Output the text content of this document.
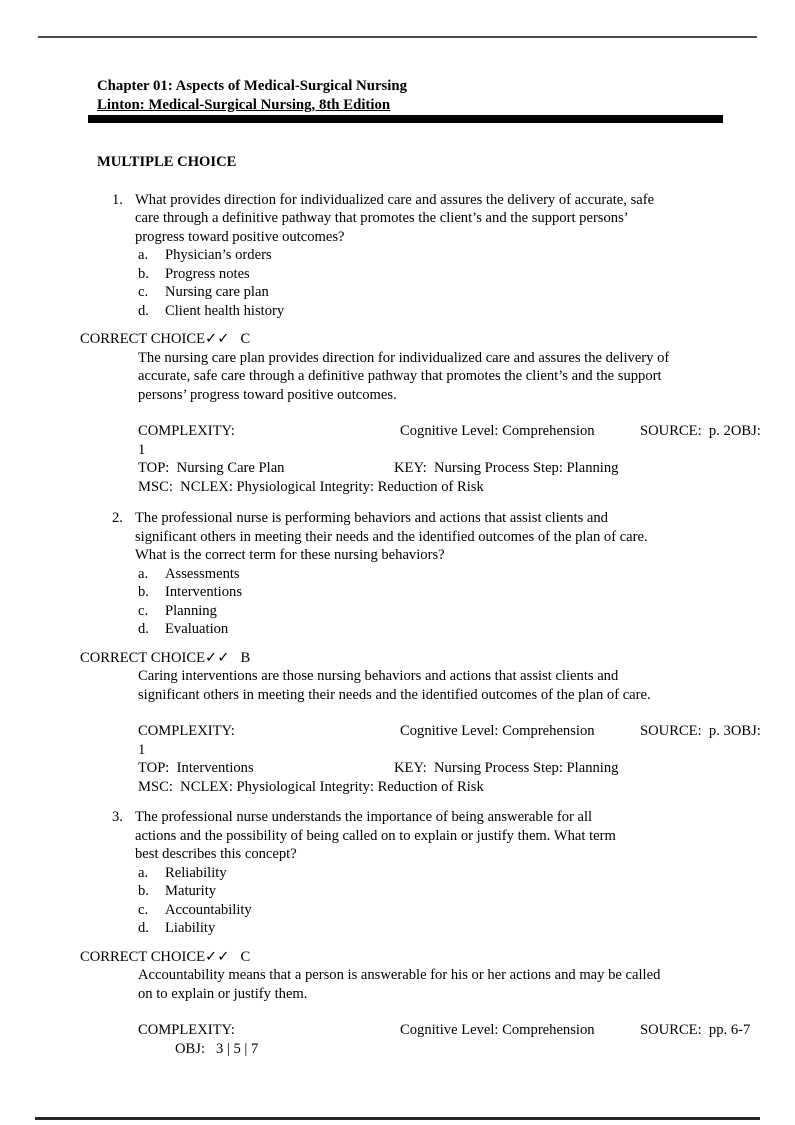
Chapter 01: Aspects of Medical-Surgical Nursing
Linton: Medical-Surgical Nursing, 8th Edition
MULTIPLE CHOICE
1. What provides direction for individualized care and assures the delivery of accurate, safe
care through a definitive pathway that promotes the client’s and the support persons’
progress toward positive outcomes?
a.	Physician’s orders
b.	Progress notes
c.	Nursing care plan
d.	Client health history
CORRECT CHOICE✓✓ C
The nursing care plan provides direction for individualized care and assures the delivery of
accurate, safe care through a definitive pathway that promotes the client’s and the support
persons’ progress toward positive outcomes.
COMPLEXITY:	Cognitive Level: Comprehension	SOURCE:  p. 2OBJ:
1
TOP:  Nursing Care Plan	KEY:  Nursing Process Step: Planning
MSC:  NCLEX: Physiological Integrity: Reduction of Risk
2. The professional nurse is performing behaviors and actions that assist clients and
significant others in meeting their needs and the identified outcomes of the plan of care.
What is the correct term for these nursing behaviors?
a.	Assessments
b.	Interventions
c.	Planning
d.	Evaluation
CORRECT CHOICE✓✓ B
Caring interventions are those nursing behaviors and actions that assist clients and
significant others in meeting their needs and the identified outcomes of the plan of care.
COMPLEXITY:	Cognitive Level: Comprehension	SOURCE:  p. 3OBJ:
1
TOP:  Interventions	KEY:  Nursing Process Step: Planning
MSC:  NCLEX: Physiological Integrity: Reduction of Risk
3. The professional nurse understands the importance of being answerable for all
actions and the possibility of being called on to explain or justify them. What term
best describes this concept?
a.	Reliability
b.	Maturity
c.	Accountability
d.	Liability
CORRECT CHOICE✓✓ C
Accountability means that a person is answerable for his or her actions and may be called
on to explain or justify them.
COMPLEXITY:	Cognitive Level: Comprehension	SOURCE:  pp. 6-7
OBJ:   3 | 5 | 7
